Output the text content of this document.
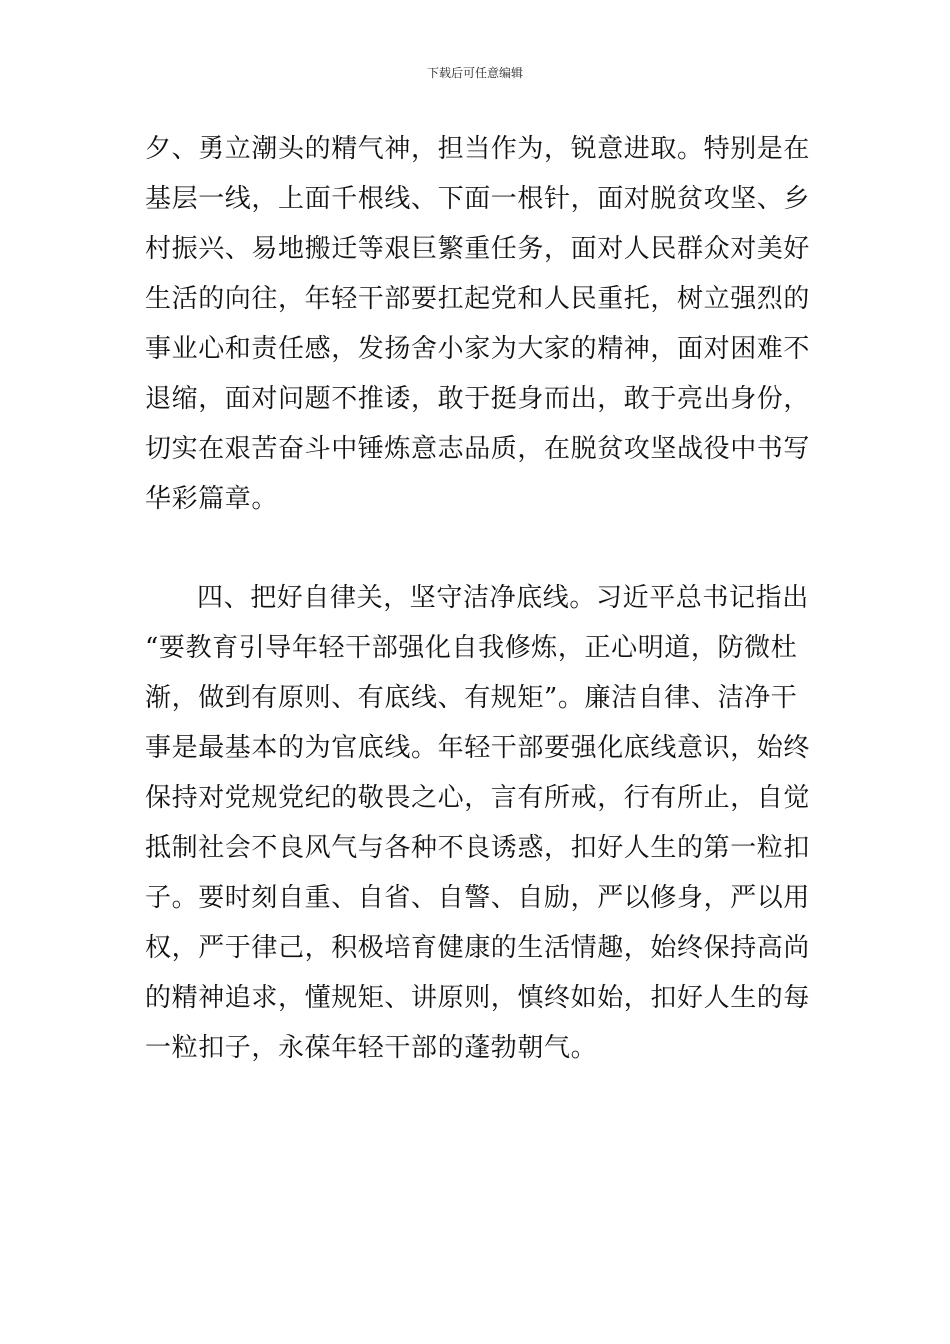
下载后可任意编辑
夕、勇立潮头的精气神，担当作为，锐意进取。特别是在
基层一线，上面千根线、下面一根针，面对脱贫攻坚、乡
村振兴、易地搬迁等艰巨繁重任务，面对人民群众对美好
生活的向往，年轻干部要扛起党和人民重托，树立强烈的
事业心和责任感，发扬舍小家为大家的精神，面对困难不
退缩，面对问题不推诿，敢于挺身而出，敢于亮出身份，
切实在艰苦奋斗中锤炼意志品质，在脱贫攻坚战役中书写
华彩篇章。
四、把好自律关，坚守洁净底线。习近平总书记指出
“要教育引导年轻干部强化自我修炼，正心明道，防微杜
渐，做到有原则、有底线、有规矩”。廉洁自律、洁净干
事是最基本的为官底线。年轻干部要强化底线意识，始终
保持对党规党纪的敬畏之心，言有所戒，行有所止，自觉
抵制社会不良风气与各种不良诱惑，扣好人生的第一粒扣
子。要时刻自重、自省、自警、自励，严以修身，严以用
权，严于律己，积极培育健康的生活情趣，始终保持高尚
的精神追求，懂规矩、讲原则，慎终如始，扣好人生的每
一粒扣子，永葆年轻干部的蓬勃朝气。
